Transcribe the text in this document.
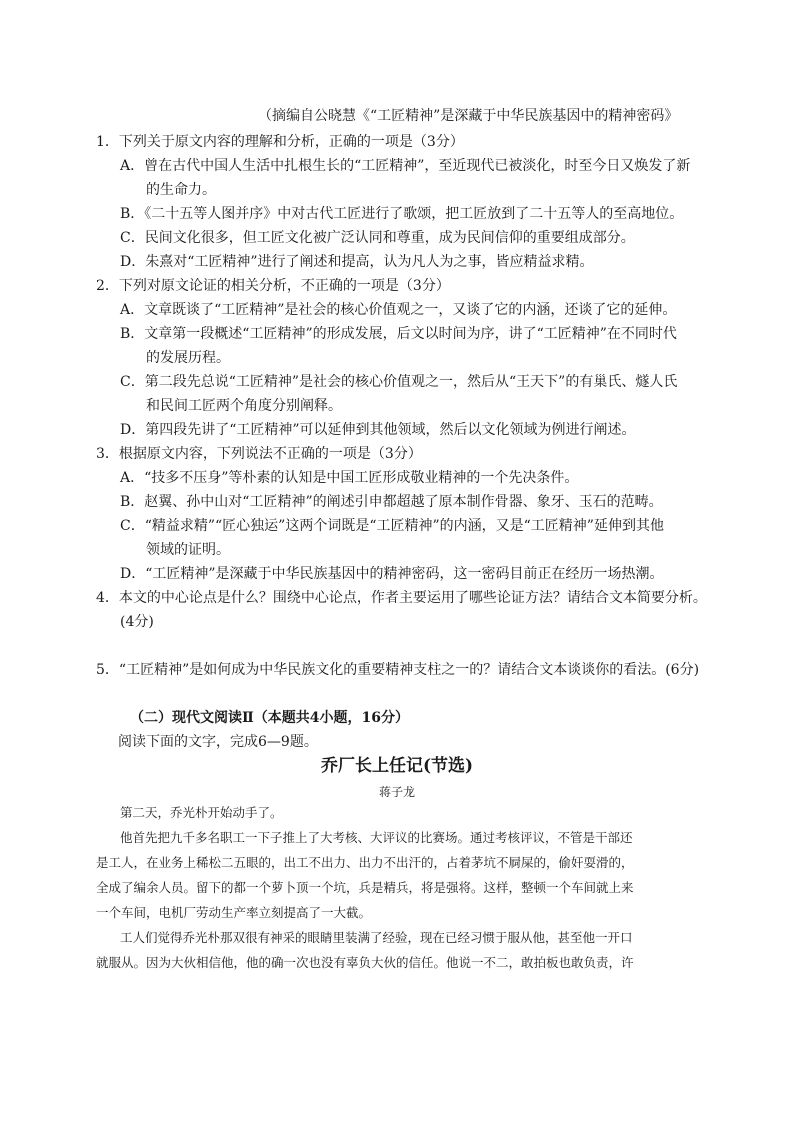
（摘编自公晓慧《“工匠精神”是深藏于中华民族基因中的精神密码》
1．下列关于原文内容的理解和分析，正确的一项是（3分）
A．曾在古代中国人生活中扎根生长的“工匠精神”，至近现代已被淡化，时至今日又焕发了新
的生命力。
B．《二十五等人图并序》中对古代工匠进行了歌颂，把工匠放到了二十五等人的至高地位。
C．民间文化很多，但工匠文化被广泛认同和尊重，成为民间信仰的重要组成部分。
D．朱熹对“工匠精神”进行了阐述和提高，认为凡人为之事，皆应精益求精。
2．下列对原文论证的相关分析，不正确的一项是（3分）
A．文章既谈了“工匠精神”是社会的核心价值观之一，又谈了它的内涵，还谈了它的延伸。
B．文章第一段概述“工匠精神”的形成发展，后文以时间为序，讲了“工匠精神”在不同时代
的发展历程。
C．第二段先总说“工匠精神”是社会的核心价值观之一，然后从“王天下”的有巢氏、燧人氏
和民间工匠两个角度分别阐释。
D．第四段先讲了“工匠精神”可以延伸到其他领域，然后以文化领域为例进行阐述。
3．根据原文内容，下列说法不正确的一项是（3分）
A．“技多不压身”等朴素的认知是中国工匠形成敬业精神的一个先决条件。
B．赵翼、孙中山对“工匠精神”的阐述引申都超越了原本制作骨器、象牙、玉石的范畴。
C．“精益求精”“匠心独运”这两个词既是“工匠精神”的内涵，又是“工匠精神”延伸到其他
领域的证明。
D．“工匠精神”是深藏于中华民族基因中的精神密码，这一密码目前正在经历一场热潮。
4．本文的中心论点是什么？围绕中心论点，作者主要运用了哪些论证方法？请结合文本简要分析。
(4分)
5．“工匠精神”是如何成为中华民族文化的重要精神支柱之一的？请结合文本谈谈你的看法。(6分)
（二）现代文阅读Ⅱ（本题共4小题，16分）
阅读下面的文字，完成6—9题。
乔厂长上任记(节选)
蒋子龙
第二天，乔光朴开始动手了。
他首先把九千多名职工一下子推上了大考核、大评议的比赛场。通过考核评议，不管是干部还
是工人，在业务上稀松二五眼的，出工不出力、出力不出汗的，占着茅坑不屙屎的，偷奸耍滑的，
全成了编余人员。留下的都一个萝卜顶一个坑，兵是精兵，将是强将。这样，整顿一个车间就上来
一个车间，电机厂劳动生产率立刻提高了一大截。
工人们觉得乔光朴那双很有神采的眼睛里装满了经验，现在已经习惯于服从他，甚至他一开口
就服从。因为大伙相信他，他的确一次也没有辜负大伙的信任。他说一不二，敢拍板也敢负责，许
